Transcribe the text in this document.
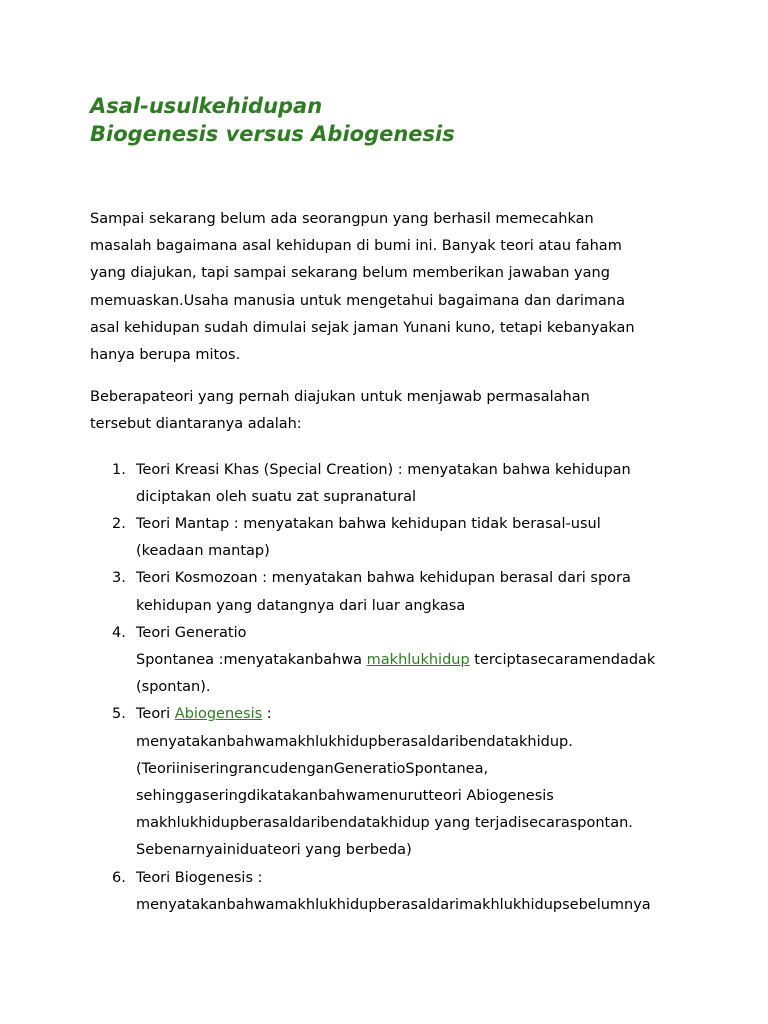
Asal-usulkehidupan
Biogenesis versus Abiogenesis

Sampai sekarang belum ada seorangpun yang berhasil memecahkan
masalah bagaimana asal kehidupan di bumi ini. Banyak teori atau faham
yang diajukan, tapi sampai sekarang belum memberikan jawaban yang
memuaskan.Usaha manusia untuk mengetahui bagaimana dan darimana
asal kehidupan sudah dimulai sejak jaman Yunani kuno, tetapi kebanyakan
hanya berupa mitos.

Beberapateori yang pernah diajukan untuk menjawab permasalahan
tersebut diantaranya adalah:

1. Teori Kreasi Khas (Special Creation) : menyatakan bahwa kehidupan
diciptakan oleh suatu zat supranatural
2. Teori Mantap : menyatakan bahwa kehidupan tidak berasal-usul
(keadaan mantap)
3. Teori Kosmozoan : menyatakan bahwa kehidupan berasal dari spora
kehidupan yang datangnya dari luar angkasa
4. Teori Generatio
Spontanea :menyatakanbahwa makhlukhidup terciptasecaramendadak
(spontan).
5. Teori Abiogenesis :
menyatakanbahwamakhlukhidupberasaldaribendatakhidup.
(TeoriiniseringrancudenganGeneratioSpontanea,
sehinggaseringdikatakanbahwamenurutteori Abiogenesis
makhlukhidupberasaldaribendatakhidup yang terjadisecaraspontan.
Sebenarnyainiduateori yang berbeda)
6. Teori Biogenesis :
menyatakanbahwamakhlukhidupberasaldarimakhlukhidupsebelumnya
